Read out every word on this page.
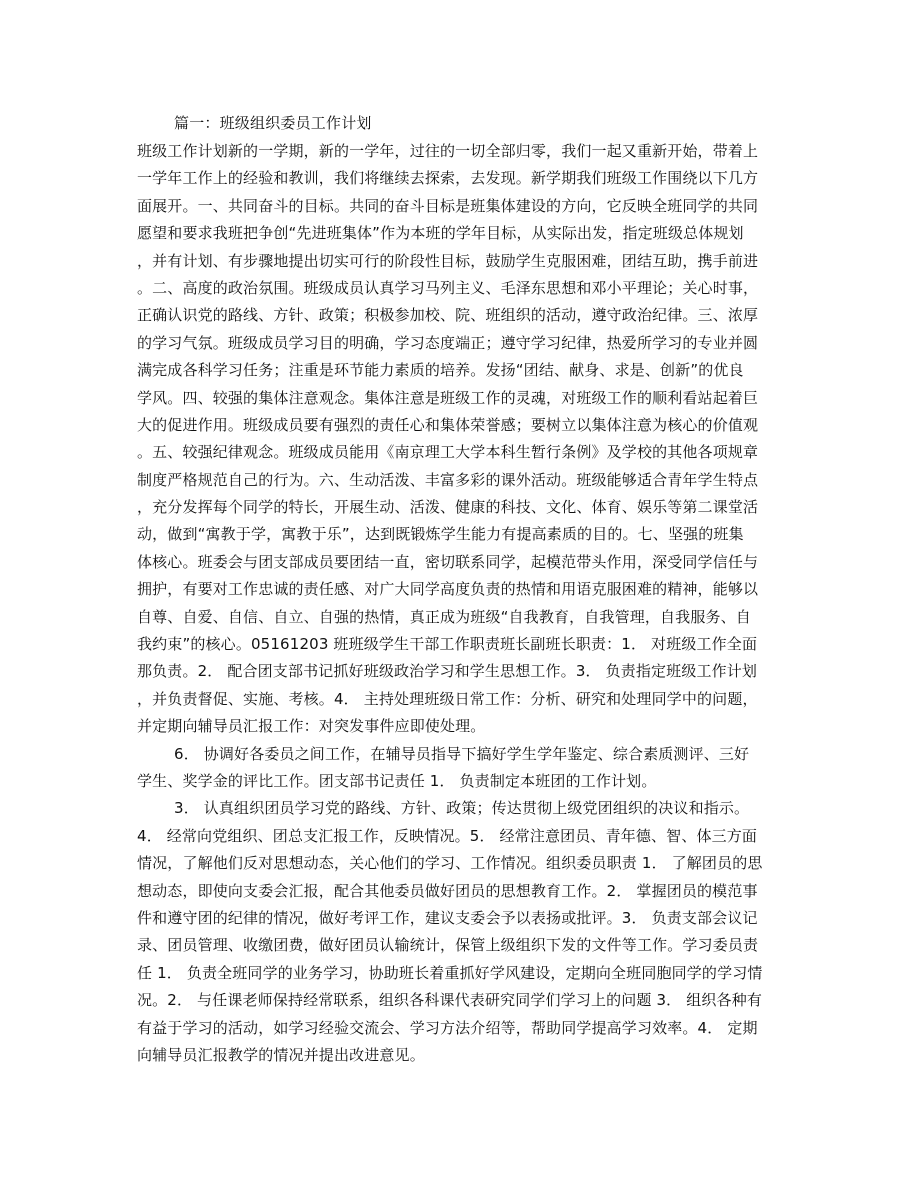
篇一：班级组织委员工作计划
班级工作计划新的一学期，新的一学年，过往的一切全部归零，我们一起又重新开始，带着上
一学年工作上的经验和教训，我们将继续去探索，去发现。新学期我们班级工作围绕以下几方
面展开。一、共同奋斗的目标。共同的奋斗目标是班集体建设的方向，它反映全班同学的共同
愿望和要求我班把争创“先进班集体”作为本班的学年目标，从实际出发，指定班级总体规划
，并有计划、有步骤地提出切实可行的阶段性目标，鼓励学生克服困难，团结互助，携手前进
。二、高度的政治氛围。班级成员认真学习马列主义、毛泽东思想和邓小平理论；关心时事，
正确认识党的路线、方针、政策；积极参加校、院、班组织的活动，遵守政治纪律。三、浓厚
的学习气氛。班级成员学习目的明确，学习态度端正；遵守学习纪律，热爱所学习的专业并圆
满完成各科学习任务；注重是环节能力素质的培养。发扬“团结、献身、求是、创新”的优良
学风。四、较强的集体注意观念。集体注意是班级工作的灵魂，对班级工作的顺利看站起着巨
大的促进作用。班级成员要有强烈的责任心和集体荣誉感；要树立以集体注意为核心的价值观
。五、较强纪律观念。班级成员能用《南京理工大学本科生暂行条例》及学校的其他各项规章
制度严格规范自己的行为。六、生动活泼、丰富多彩的课外活动。班级能够适合青年学生特点
，充分发挥每个同学的特长，开展生动、活泼、健康的科技、文化、体育、娱乐等第二课堂活
动，做到“寓教于学，寓教于乐”，达到既锻炼学生能力有提高素质的目的。七、坚强的班集
体核心。班委会与团支部成员要团结一直，密切联系同学，起模范带头作用，深受同学信任与
拥护，有要对工作忠诚的责任感、对广大同学高度负责的热情和用语克服困难的精神，能够以
自尊、自爱、自信、自立、自强的热情，真正成为班级“自我教育，自我管理，自我服务、自
我约束”的核心。05161203 班班级学生干部工作职责班长副班长职责：1． 对班级工作全面
那负责。2． 配合团支部书记抓好班级政治学习和学生思想工作。3． 负责指定班级工作计划
，并负责督促、实施、考核。4． 主持处理班级日常工作：分析、研究和处理同学中的问题，
并定期向辅导员汇报工作：对突发事件应即使处理。
6． 协调好各委员之间工作，在辅导员指导下搞好学生学年鉴定、综合素质测评、三好
学生、奖学金的评比工作。团支部书记责任 1． 负责制定本班团的工作计划。
3． 认真组织团员学习党的路线、方针、政策；传达贯彻上级党团组织的决议和指示。
4． 经常向党组织、团总支汇报工作，反映情况。5． 经常注意团员、青年德、智、体三方面
情况，了解他们反对思想动态，关心他们的学习、工作情况。组织委员职责 1． 了解团员的思
想动态，即使向支委会汇报，配合其他委员做好团员的思想教育工作。2． 掌握团员的模范事
件和遵守团的纪律的情况，做好考评工作，建议支委会予以表扬或批评。3． 负责支部会议记
录、团员管理、收缴团费，做好团员认输统计，保管上级组织下发的文件等工作。学习委员责
任 1． 负责全班同学的业务学习，协助班长着重抓好学风建设，定期向全班同胞同学的学习情
况。2． 与任课老师保持经常联系，组织各科课代表研究同学们学习上的问题 3． 组织各种有
有益于学习的活动，如学习经验交流会、学习方法介绍等，帮助同学提高学习效率。4． 定期
向辅导员汇报教学的情况并提出改进意见。
